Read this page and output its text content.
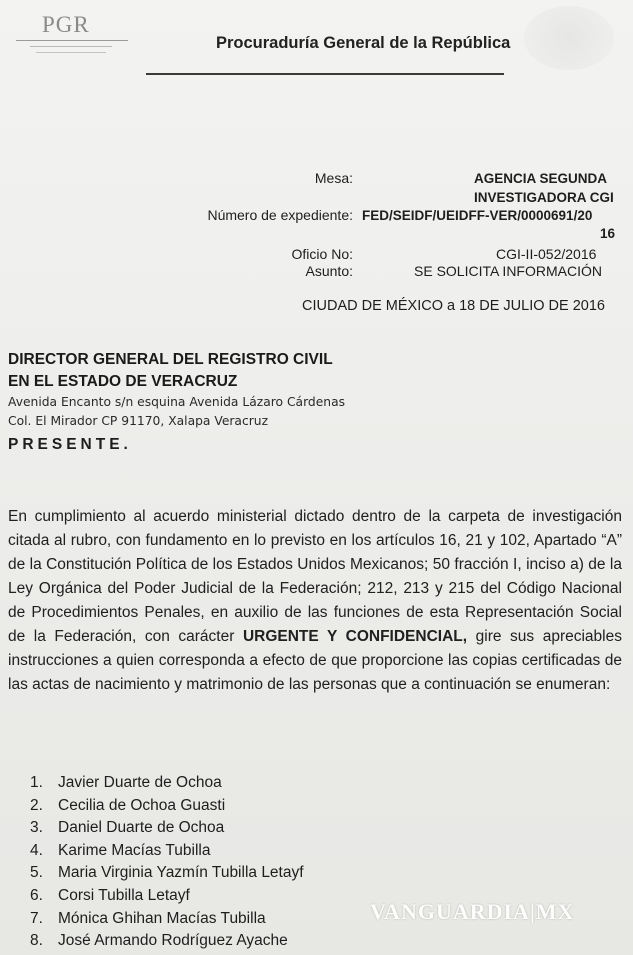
PGR
Procuraduría General de la República
Mesa:	AGENCIA SEGUNDA
INVESTIGADORA CGI
Número de expediente: FED/SEIDF/UEIDFF-VER/0000691/20
16
Oficio No:	CGI-II-052/2016
Asunto:	SE SOLICITA INFORMACIÓN
CIUDAD DE MÉXICO a 18 DE JULIO DE 2016
DIRECTOR GENERAL DEL REGISTRO CIVIL
EN EL ESTADO DE VERACRUZ
Avenida Encanto s/n esquina Avenida Lázaro Cárdenas
Col. El Mirador CP 91170, Xalapa Veracruz
PRESENTE.
En cumplimiento al acuerdo ministerial dictado dentro de la carpeta de investigación citada al rubro, con fundamento en lo previsto en los artículos 16, 21 y 102, Apartado “A” de la Constitución Política de los Estados Unidos Mexicanos; 50 fracción I, inciso a) de la Ley Orgánica del Poder Judicial de la Federación; 212, 213 y 215 del Código Nacional de Procedimientos Penales, en auxilio de las funciones de esta Representación Social de la Federación, con carácter URGENTE Y CONFIDENCIAL, gire sus apreciables instrucciones a quien corresponda a efecto de que proporcione las copias certificadas de las actas de nacimiento y matrimonio de las personas que a continuación se enumeran:
1. Javier Duarte de Ochoa
2. Cecilia de Ochoa Guasti
3. Daniel Duarte de Ochoa
4. Karime Macías Tubilla
5. Maria Virginia Yazmín Tubilla Letayf
6. Corsi Tubilla Letayf
7. Mónica Ghihan Macías Tubilla
8. José Armando Rodríguez Ayache
VANGUARDIA|MX
